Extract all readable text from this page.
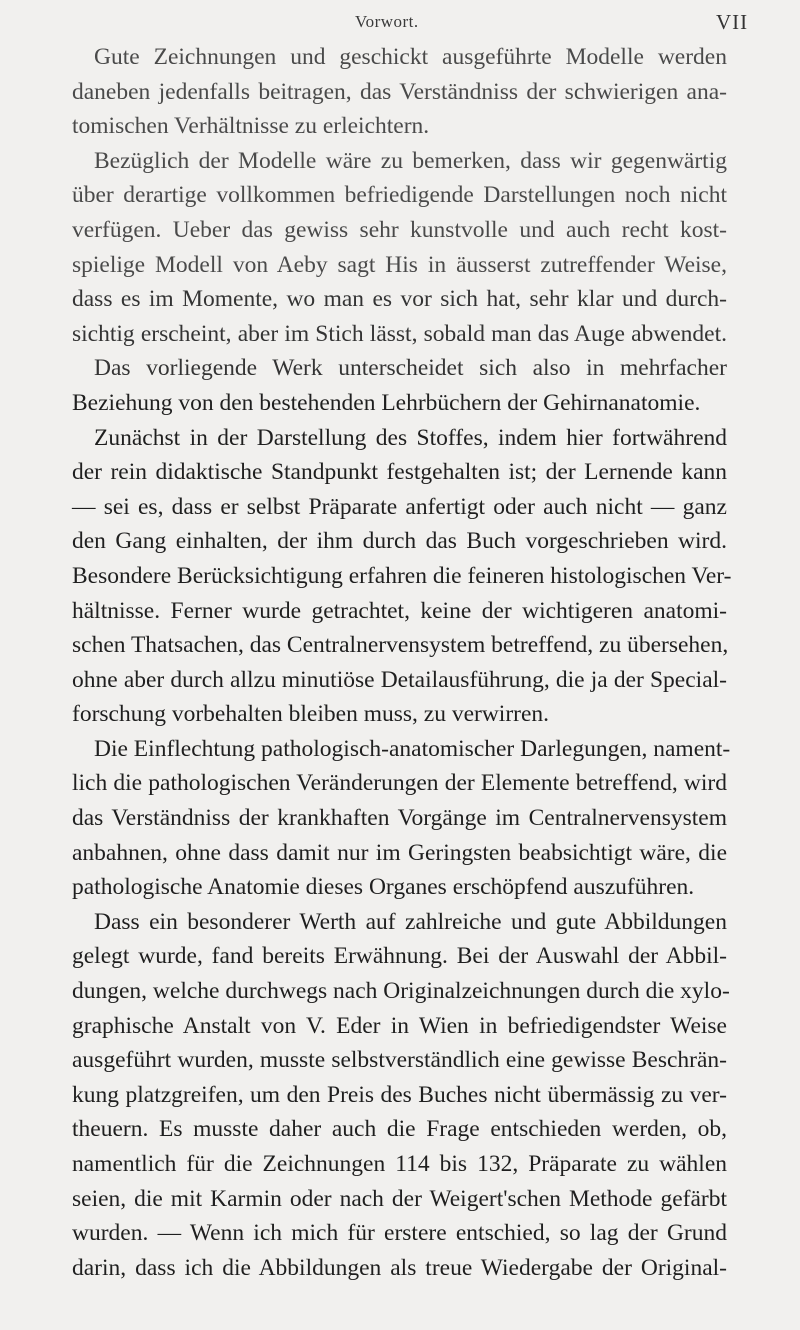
Vorwort.	VII
Gute Zeichnungen und geschickt ausgeführte Modelle werden
daneben jedenfalls beitragen, das Verständniss der schwierigen ana-
tomischen Verhältnisse zu erleichtern.
Bezüglich der Modelle wäre zu bemerken, dass wir gegenwärtig
über derartige vollkommen befriedigende Darstellungen noch nicht
verfügen. Ueber das gewiss sehr kunstvolle und auch recht kost-
spielige Modell von Aeby sagt His in äusserst zutreffender Weise,
dass es im Momente, wo man es vor sich hat, sehr klar und durch-
sichtig erscheint, aber im Stich lässt, sobald man das Auge abwendet.
Das vorliegende Werk unterscheidet sich also in mehrfacher
Beziehung von den bestehenden Lehrbüchern der Gehirnanatomie.
Zunächst in der Darstellung des Stoffes, indem hier fortwährend
der rein didaktische Standpunkt festgehalten ist; der Lernende kann
— sei es, dass er selbst Präparate anfertigt oder auch nicht — ganz
den Gang einhalten, der ihm durch das Buch vorgeschrieben wird.
Besondere Berücksichtigung erfahren die feineren histologischen Ver-
hältnisse. Ferner wurde getrachtet, keine der wichtigeren anatomi-
schen Thatsachen, das Centralnervensystem betreffend, zu übersehen,
ohne aber durch allzu minutiöse Detailausführung, die ja der Special-
forschung vorbehalten bleiben muss, zu verwirren.
Die Einflechtung pathologisch-anatomischer Darlegungen, nament-
lich die pathologischen Veränderungen der Elemente betreffend, wird
das Verständniss der krankhaften Vorgänge im Centralnervensystem
anbahnen, ohne dass damit nur im Geringsten beabsichtigt wäre, die
pathologische Anatomie dieses Organes erschöpfend auszuführen.
Dass ein besonderer Werth auf zahlreiche und gute Abbildungen
gelegt wurde, fand bereits Erwähnung. Bei der Auswahl der Abbil-
dungen, welche durchwegs nach Originalzeichnungen durch die xylo-
graphische Anstalt von V. Eder in Wien in befriedigendster Weise
ausgeführt wurden, musste selbstverständlich eine gewisse Beschrän-
kung platzgreifen, um den Preis des Buches nicht übermässig zu ver-
theuern. Es musste daher auch die Frage entschieden werden, ob,
namentlich für die Zeichnungen 114 bis 132, Präparate zu wählen
seien, die mit Karmin oder nach der Weigert'schen Methode gefärbt
wurden. — Wenn ich mich für erstere entschied, so lag der Grund
darin, dass ich die Abbildungen als treue Wiedergabe der Original-
